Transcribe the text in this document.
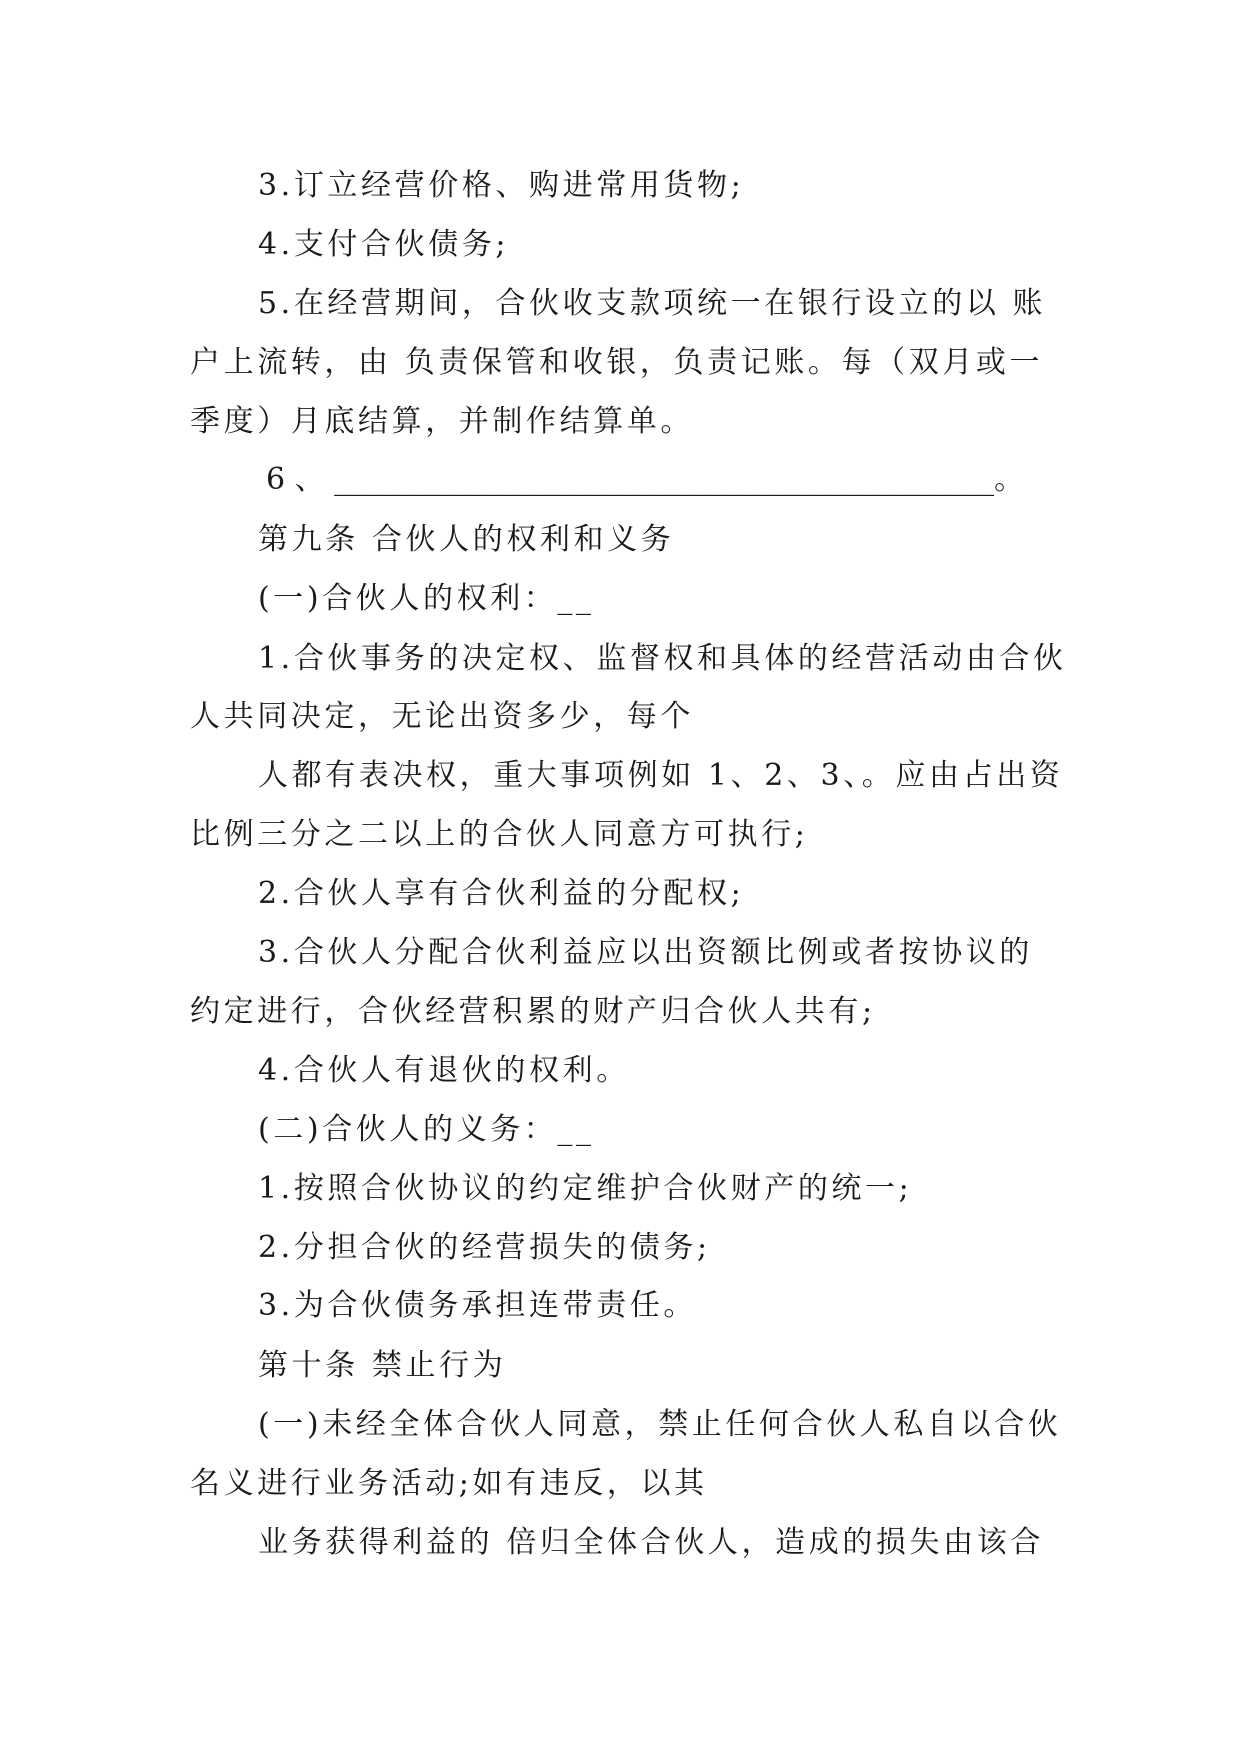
3.订立经营价格、购进常用货物;

4.支付合伙债务;

5.在经营期间，合伙收支款项统一在银行设立的以 账

户上流转，由 负责保管和收银，负责记账。每（双月或一

季度）月底结算，并制作结算单。

6 、 ____________________________________________。

第九条 合伙人的权利和义务

(一)合伙人的权利：__

1.合伙事务的决定权、监督权和具体的经营活动由合伙

人共同决定，无论出资多少，每个

人都有表决权，重大事项例如 1、2、3、。应由占出资

比例三分之二以上的合伙人同意方可执行;

2.合伙人享有合伙利益的分配权;

3.合伙人分配合伙利益应以出资额比例或者按协议的

约定进行，合伙经营积累的财产归合伙人共有;

4.合伙人有退伙的权利。

(二)合伙人的义务：__

1.按照合伙协议的约定维护合伙财产的统一;

2.分担合伙的经营损失的债务;

3.为合伙债务承担连带责任。

第十条 禁止行为

(一)未经全体合伙人同意，禁止任何合伙人私自以合伙

名义进行业务活动;如有违反，以其

业务获得利益的 倍归全体合伙人，造成的损失由该合
